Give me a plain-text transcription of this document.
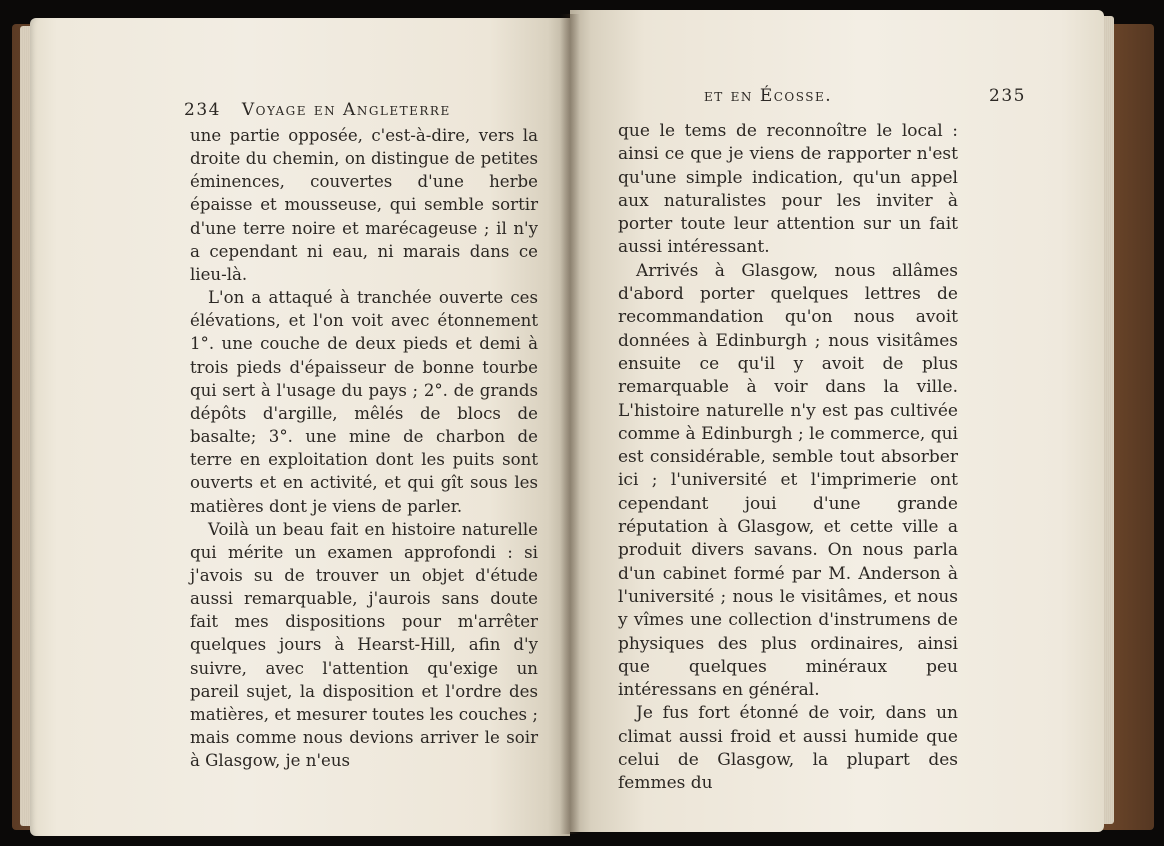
234 Voyage en Angleterre

une partie opposée, c'est-à-dire, vers la droite du chemin, on distingue de petites éminences, couvertes d'une herbe épaisse et mousseuse, qui semble sortir d'une terre noire et marécageuse ; il n'y a cependant ni eau, ni marais dans ce lieu-là.

L'on a attaqué à tranchée ouverte ces élévations, et l'on voit avec étonnement 1°. une couche de deux pieds et demi à trois pieds d'épaisseur de bonne tourbe qui sert à l'usage du pays ; 2°. de grands dépôts d'argille, mêlés de blocs de basalte; 3°. une mine de charbon de terre en exploitation dont les puits sont ouverts et en activité, et qui gît sous les matières dont je viens de parler.

Voilà un beau fait en histoire naturelle qui mérite un examen approfondi : si j'avois su de trouver un objet d'étude aussi remarquable, j'aurois sans doute fait mes dispositions pour m'arrêter quelques jours à Hearst-Hill, afin d'y suivre, avec l'attention qu'exige un pareil sujet, la disposition et l'ordre des matières, et mesurer toutes les couches ; mais comme nous devions arriver le soir à Glasgow, je n'eus

et en Écosse.	235

que le tems de reconnoître le local : ainsi ce que je viens de rapporter n'est qu'une simple indication, qu'un appel aux naturalistes pour les inviter à porter toute leur attention sur un fait aussi intéressant.

Arrivés à Glasgow, nous allâmes d'abord porter quelques lettres de recommandation qu'on nous avoit données à Edinburgh ; nous visitâmes ensuite ce qu'il y avoit de plus remarquable à voir dans la ville. L'histoire naturelle n'y est pas cultivée comme à Edinburgh ; le commerce, qui est considérable, semble tout absorber ici ; l'université et l'imprimerie ont cependant joui d'une grande réputation à Glasgow, et cette ville a produit divers savans. On nous parla d'un cabinet formé par M. Anderson à l'université ; nous le visitâmes, et nous y vîmes une collection d'instrumens de physiques des plus ordinaires, ainsi que quelques minéraux peu intéressans en général.

Je fus fort étonné de voir, dans un climat aussi froid et aussi humide que celui de Glasgow, la plupart des femmes du
